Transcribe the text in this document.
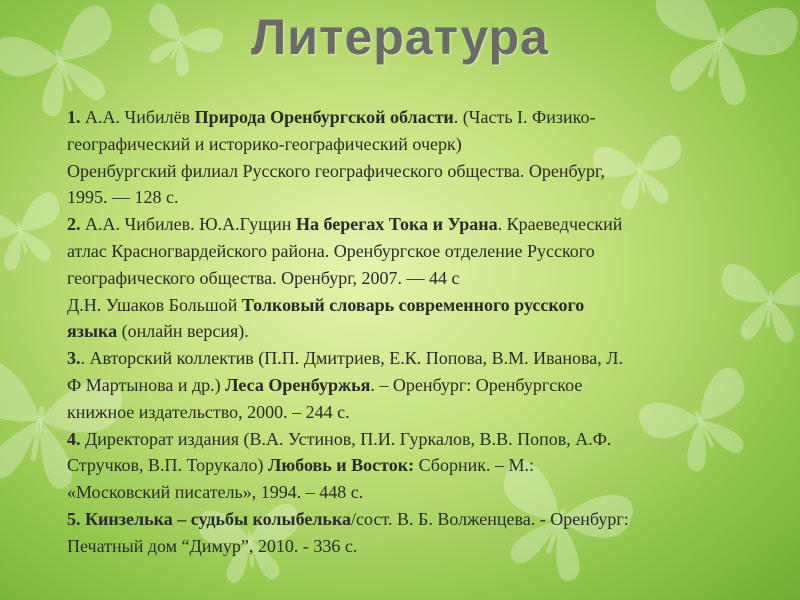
Литература
1. А.А. Чибилёв Природа Оренбургской области. (Часть I. Физико-
географический и историко-географический очерк)
Оренбургский филиал Русского географического общества. Оренбург,
1995. — 128 с.
2. А.А. Чибилев. Ю.А.Гущин На берегах Тока и Урана. Краеведческий
атлас Красногвардейского района. Оренбургское отделение Русского
географического общества. Оренбург, 2007. — 44 с
Д.Н. Ушаков Большой Толковый словарь современного русского
языка (онлайн версия).
3.. Авторский коллектив (П.П. Дмитриев, Е.К. Попова, В.М. Иванова, Л.
Ф Мартынова и др.) Леса Оренбуржья. – Оренбург: Оренбургское
книжное издательство, 2000. – 244 с.
4. Директорат издания (В.А. Устинов, П.И. Гуркалов, В.В. Попов, А.Ф.
Стручков, В.П. Торукало) Любовь и Восток: Сборник. – М.:
«Московский писатель», 1994. – 448 с.
5. Кинзелька – судьбы колыбелька/сост. В. Б. Волженцева. - Оренбург:
Печатный дом “Димур”, 2010. - 336 с.
